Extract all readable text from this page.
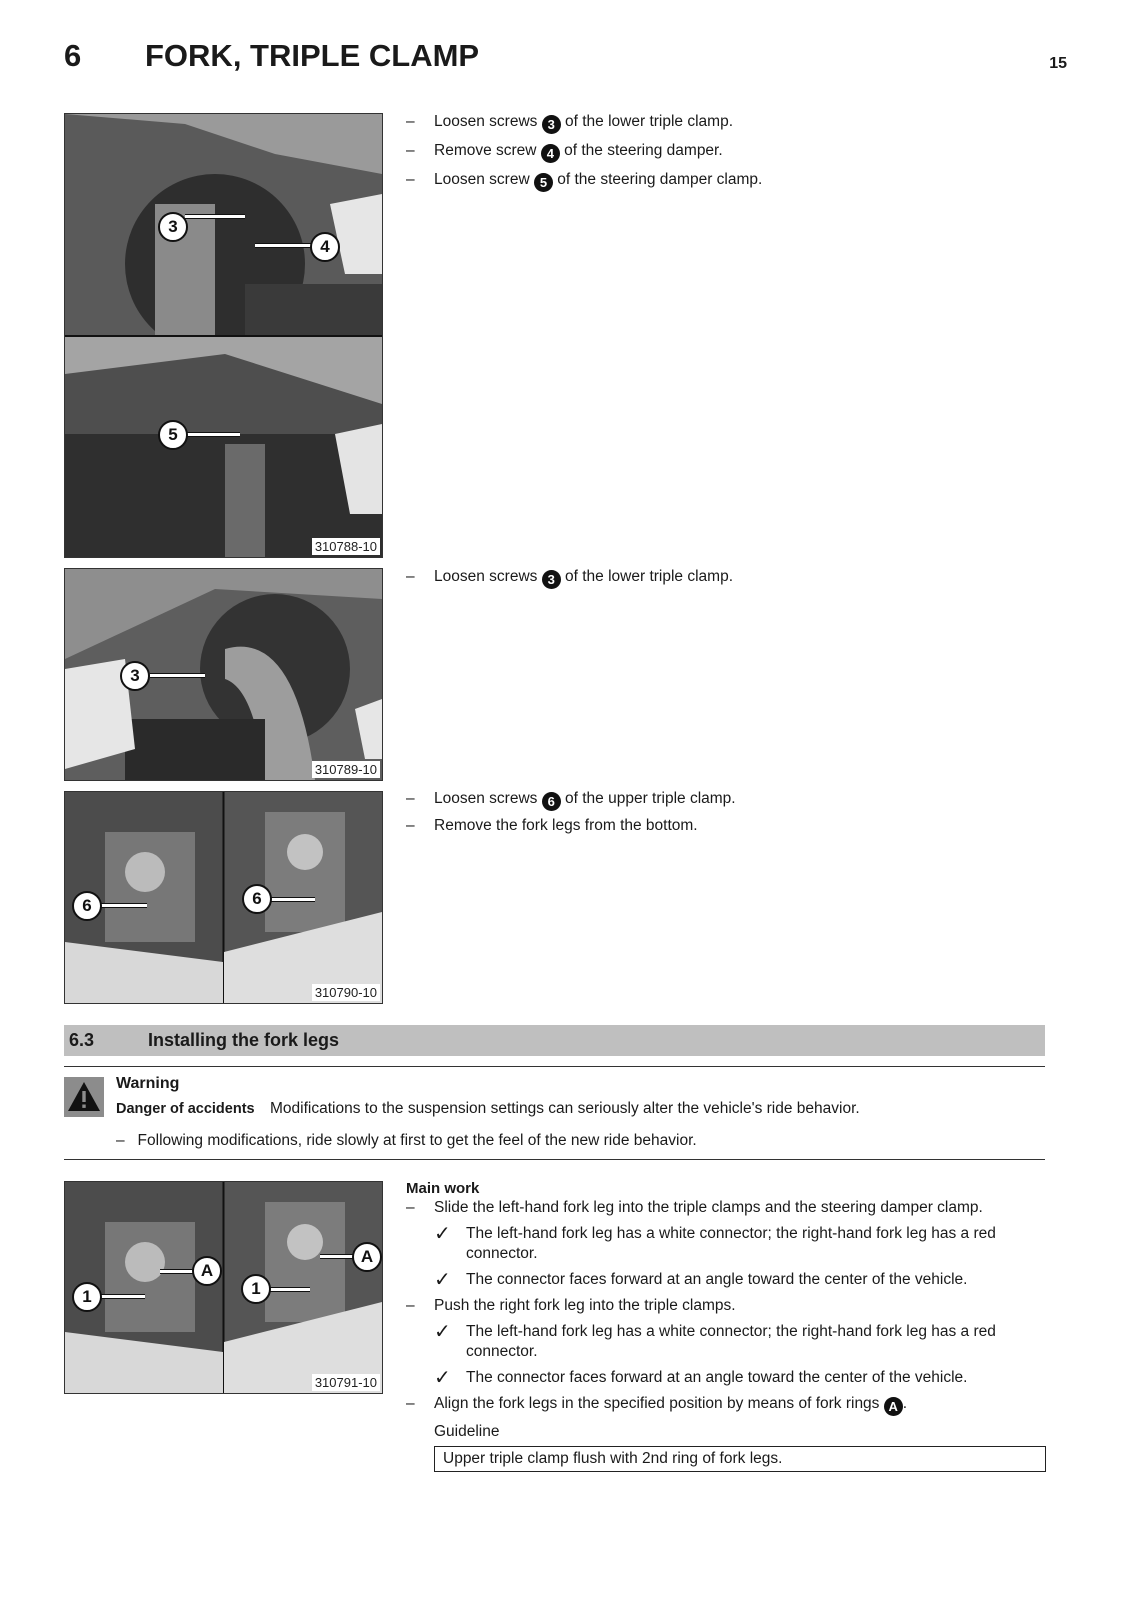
6 FORK, TRIPLE CLAMP	15
3
4
5
310788-10
3
310789-10
6	6
310790-10
1
A
1
A
310791-10
– Loosen screws 3 of the lower triple clamp.
– Remove screw 4 of the steering damper.
– Loosen screw 5 of the steering damper clamp.
– Loosen screws 3 of the lower triple clamp.
– Loosen screws 6 of the upper triple clamp.
– Remove the fork legs from the bottom.
6.3	Installing the fork legs
Warning
Danger of accidents Modifications to the suspension settings can seriously alter the vehicle's ride behavior.
– Following modifications, ride slowly at first to get the feel of the new ride behavior.
Main work
– Slide the left-hand fork leg into the triple clamps and the steering damper clamp.
✓ The left-hand fork leg has a white connector; the right-hand fork leg has a red connector.
✓ The connector faces forward at an angle toward the center of the vehicle.
– Push the right fork leg into the triple clamps.
✓ The left-hand fork leg has a white connector; the right-hand fork leg has a red connector.
✓ The connector faces forward at an angle toward the center of the vehicle.
– Align the fork legs in the specified position by means of fork rings A .
Guideline
Upper triple clamp flush with 2nd ring of fork legs.
